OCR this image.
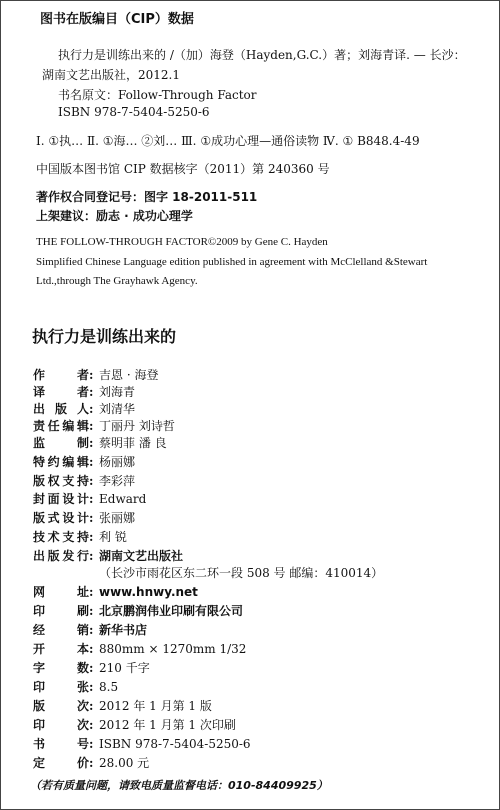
图书在版编目（CIP）数据
执行力是训练出来的 /（加）海登（Hayden,G.C.）著；刘海青译. — 长沙：
湖南文艺出版社，2012.1
书名原文：Follow-Through Factor
ISBN 978-7-5404-5250-6
Ⅰ. ①执… Ⅱ. ①海… ②刘… Ⅲ. ①成功心理—通俗读物 Ⅳ. ① B848.4-49
中国版本图书馆 CIP 数据核字（2011）第 240360 号
著作权合同登记号：图字 18-2011-511
上架建议：励志 · 成功心理学
THE FOLLOW-THROUGH FACTOR©2009 by Gene C. Hayden
Simplified Chinese Language edition published in agreement with McClelland &Stewart
Ltd.,through The Grayhawk Agency.
执行力是训练出来的
作者: 吉恩 · 海登
译者: 刘海青
出版人: 刘清华
责任编辑: 丁丽丹 刘诗哲
监制: 蔡明菲 潘 良
特约编辑: 杨丽娜
版权支持: 李彩萍
封面设计: Edward
版式设计: 张丽娜
技术支持: 利 锐
出版发行: 湖南文艺出版社
（长沙市雨花区东二环一段 508 号 邮编：410014）
网址: www.hnwy.net
印刷: 北京鹏润伟业印刷有限公司
经销: 新华书店
开本: 880mm × 1270mm 1/32
字数: 210 千字
印张: 8.5
版次: 2012 年 1 月第 1 版
印次: 2012 年 1 月第 1 次印刷
书号: ISBN 978-7-5404-5250-6
定价: 28.00 元
（若有质量问题，请致电质量监督电话：010-84409925）
